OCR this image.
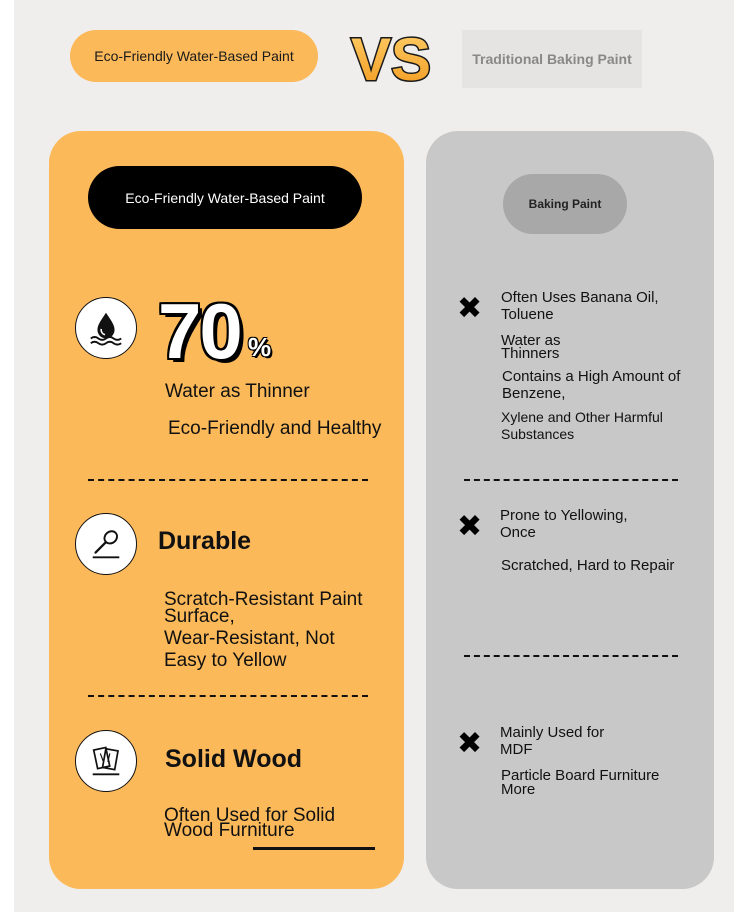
Eco-Friendly Water-Based Paint VS	Traditional Baking Paint
Eco-Friendly Water-Based Paint
70 %
Water as Thinner
Eco-Friendly and Healthy
Durable
Scratch-Resistant Paint
Surface,
Wear-Resistant, Not
Easy to Yellow
Solid Wood
Often Used for Solid
Wood Furniture
Baking Paint
✖ Often Uses Banana Oil,
Toluene
Water as
Thinners
Contains a High Amount of
Benzene,
Xylene and Other Harmful
Substances
✖ Prone to Yellowing,
Once
Scratched, Hard to Repair
✖ Mainly Used for
MDF
Particle Board Furniture
More
